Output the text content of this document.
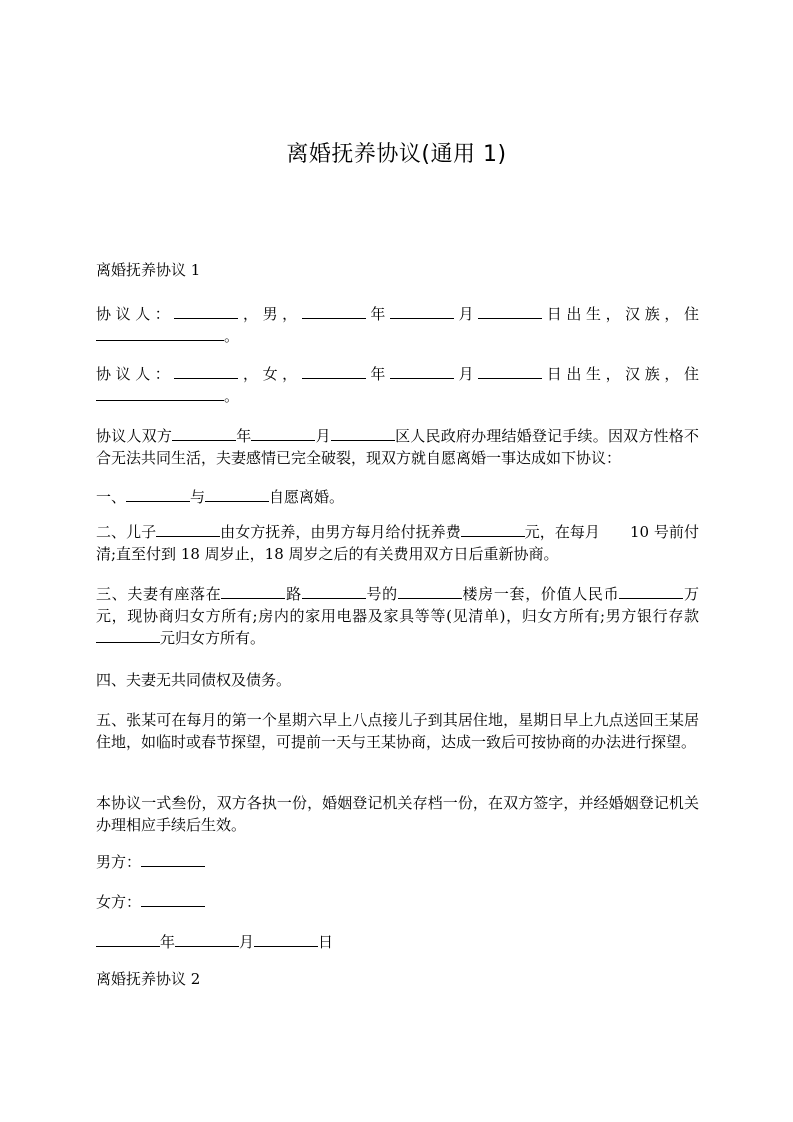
离婚抚养协议(通用 1)
离婚抚养协议 1
协议人：	，男，	年	月	日出生，汉族，住。
协议人：	，女，	年	月	日出生，汉族，住。
协议人双方	年	月	区人民政府办理结婚登记手续。因双方性格不合无法共同生活，夫妻感情已完全破裂，现双方就自愿离婚一事达成如下协议：
一、	与	自愿离婚。
二、儿子	由女方抚养，由男方每月给付抚养费	元，在每月　　10 号前付清;直至付到 18 周岁止，18 周岁之后的有关费用双方日后重新协商。
三、夫妻有座落在	路	号的	楼房一套，价值人民币	万元，现协商归女方所有;房内的家用电器及家具等等(见清单)，归女方所有;男方银行存款元归女方所有。
四、夫妻无共同债权及债务。
五、张某可在每月的第一个星期六早上八点接儿子到其居住地，星期日早上九点送回王某居住地，如临时或春节探望，可提前一天与王某协商，达成一致后可按协商的办法进行探望。
本协议一式叁份，双方各执一份，婚姻登记机关存档一份，在双方签字，并经婚姻登记机关办理相应手续后生效。
男方：
女方：
年	月	日
离婚抚养协议 2
